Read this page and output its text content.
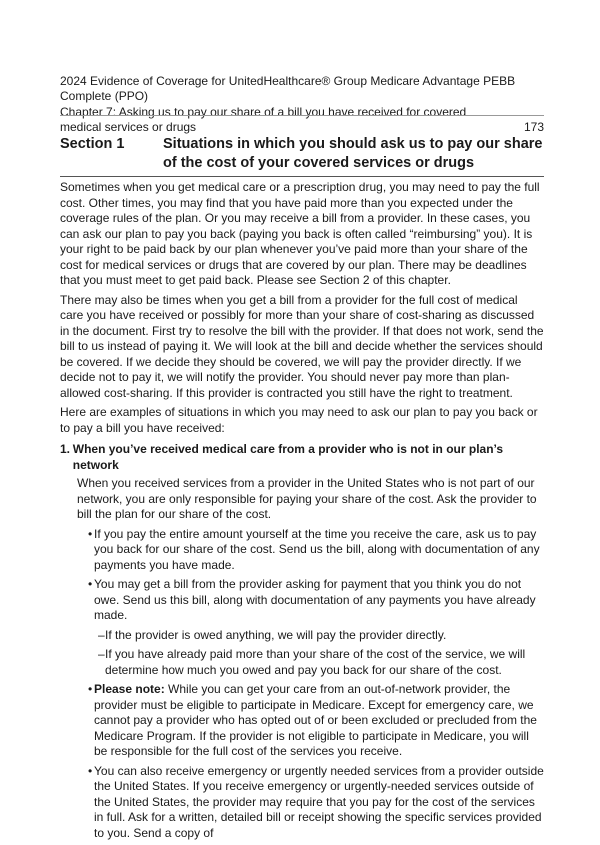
2024 Evidence of Coverage for UnitedHealthcare® Group Medicare Advantage PEBB Complete (PPO)
Chapter 7: Asking us to pay our share of a bill you have received for covered medical services or drugs	173
Section 1	Situations in which you should ask us to pay our share of the cost of your covered services or drugs

Sometimes when you get medical care or a prescription drug, you may need to pay the full cost. Other times, you may find that you have paid more than you expected under the coverage rules of the plan. Or you may receive a bill from a provider. In these cases, you can ask our plan to pay you back (paying you back is often called “reimbursing” you). It is your right to be paid back by our plan whenever you’ve paid more than your share of the cost for medical services or drugs that are covered by our plan. There may be deadlines that you must meet to get paid back. Please see Section 2 of this chapter.

There may also be times when you get a bill from a provider for the full cost of medical care you have received or possibly for more than your share of cost-sharing as discussed in the document. First try to resolve the bill with the provider. If that does not work, send the bill to us instead of paying it. We will look at the bill and decide whether the services should be covered. If we decide they should be covered, we will pay the provider directly. If we decide not to pay it, we will notify the provider. You should never pay more than plan-allowed cost-sharing. If this provider is contracted you still have the right to treatment.

Here are examples of situations in which you may need to ask our plan to pay you back or to pay a bill you have received:

1. When you’ve received medical care from a provider who is not in our plan’s network

When you received services from a provider in the United States who is not part of our network, you are only responsible for paying your share of the cost. Ask the provider to bill the plan for our share of the cost.

• If you pay the entire amount yourself at the time you receive the care, ask us to pay you back for our share of the cost. Send us the bill, along with documentation of any payments you have made.
• You may get a bill from the provider asking for payment that you think you do not owe. Send us this bill, along with documentation of any payments you have already made.
– If the provider is owed anything, we will pay the provider directly.
– If you have already paid more than your share of the cost of the service, we will determine how much you owed and pay you back for our share of the cost.
• Please note: While you can get your care from an out-of-network provider, the provider must be eligible to participate in Medicare. Except for emergency care, we cannot pay a provider who has opted out of or been excluded or precluded from the Medicare Program. If the provider is not eligible to participate in Medicare, you will be responsible for the full cost of the services you receive.
• You can also receive emergency or urgently needed services from a provider outside the United States. If you receive emergency or urgently-needed services outside of the United States, the provider may require that you pay for the cost of the services in full. Ask for a written, detailed bill or receipt showing the specific services provided to you. Send a copy of
